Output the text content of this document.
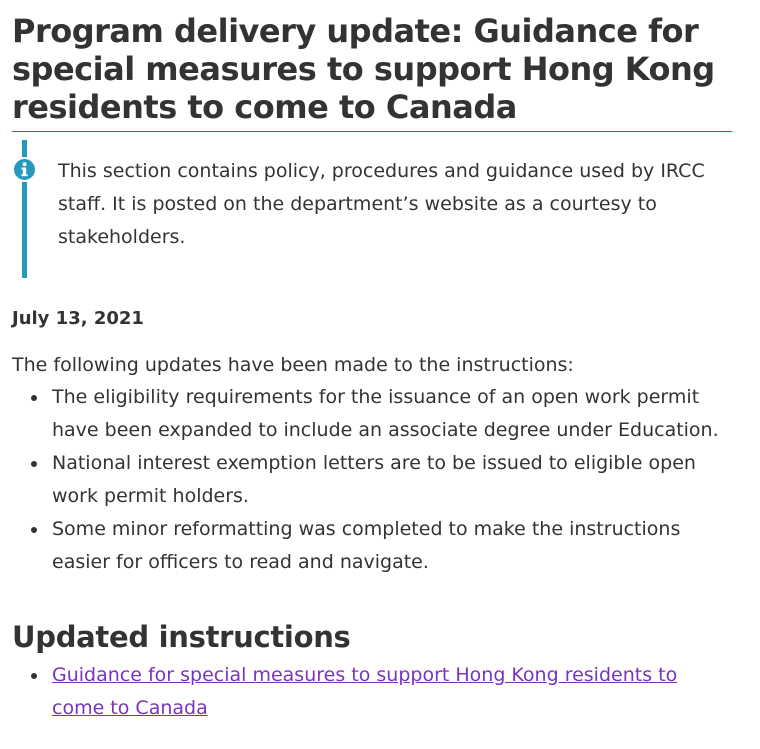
Program delivery update: Guidance for special measures to support Hong Kong residents to come to Canada

This section contains policy, procedures and guidance used by IRCC staff. It is posted on the department’s website as a courtesy to stakeholders.

July 13, 2021

The following updates have been made to the instructions:

The eligibility requirements for the issuance of an open work permit have been expanded to include an associate degree under Education.
National interest exemption letters are to be issued to eligible open work permit holders.
Some minor reformatting was completed to make the instructions easier for officers to read and navigate.
Updated instructions
Guidance for special measures to support Hong Kong residents to come to Canada
